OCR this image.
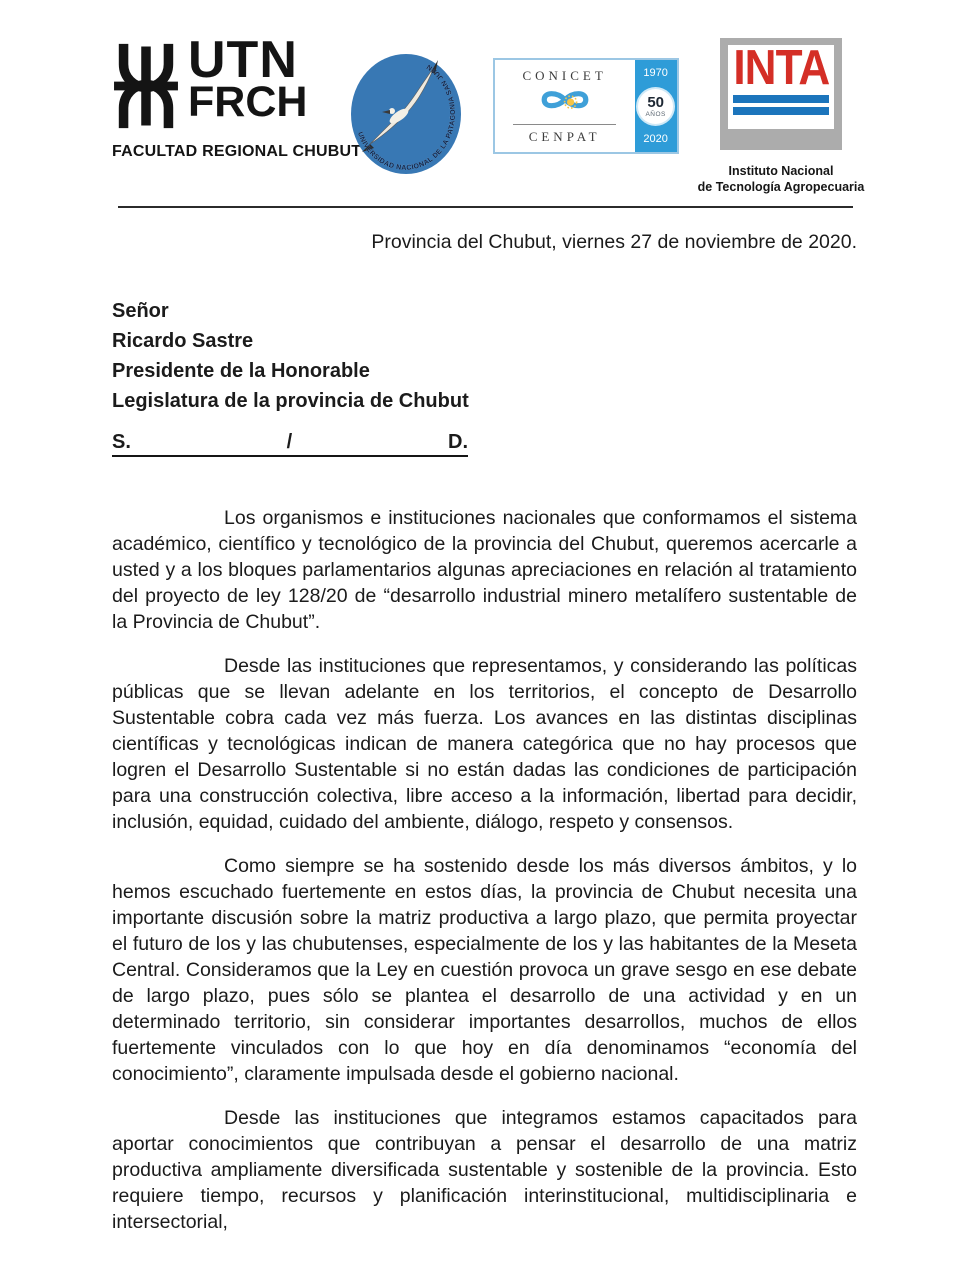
UTN
FRCH
FACULTAD REGIONAL CHUBUT
UNIVERSIDAD NACIONAL DE LA PATAGONIA SAN JUAN
CONICET
CENPAT
1970
50
AÑOS
2020
INTA
Instituto Nacional
de Tecnología Agropecuaria
Provincia del Chubut, viernes 27 de noviembre de 2020.
Señor
Ricardo Sastre
Presidente de la Honorable
Legislatura de la provincia de Chubut
S.	/	D.

Los organismos e instituciones nacionales que conformamos el sistema académico, científico y tecnológico de la provincia del Chubut, queremos acercarle a usted y a los bloques parlamentarios algunas apreciaciones en relación al tratamiento del proyecto de ley 128/20 de “desarrollo industrial minero metalífero sustentable de la Provincia de Chubut”.

Desde las instituciones que representamos, y considerando las políticas públicas que se llevan adelante en los territorios, el concepto de Desarrollo Sustentable cobra cada vez más fuerza. Los avances en las distintas disciplinas científicas y tecnológicas indican de manera categórica que no hay procesos que logren el Desarrollo Sustentable si no están dadas las condiciones de participación para una construcción colectiva, libre acceso a la información, libertad para decidir, inclusión, equidad, cuidado del ambiente, diálogo, respeto y consensos.

Como siempre se ha sostenido desde los más diversos ámbitos, y lo hemos escuchado fuertemente en estos días, la provincia de Chubut necesita una importante discusión sobre la matriz productiva a largo plazo, que permita proyectar el futuro de los y las chubutenses, especialmente de los y las habitantes de la Meseta Central. Consideramos que la Ley en cuestión provoca un grave sesgo en ese debate de largo plazo, pues sólo se plantea el desarrollo de una actividad y en un determinado territorio, sin considerar importantes desarrollos, muchos de ellos fuertemente vinculados con lo que hoy en día denominamos “economía del conocimiento”, claramente impulsada desde el gobierno nacional.

Desde las instituciones que integramos estamos capacitados para aportar conocimientos que contribuyan a pensar el desarrollo de una matriz productiva ampliamente diversificada sustentable y sostenible de la provincia. Esto requiere tiempo, recursos y planificación interinstitucional, multidisciplinaria e intersectorial,
